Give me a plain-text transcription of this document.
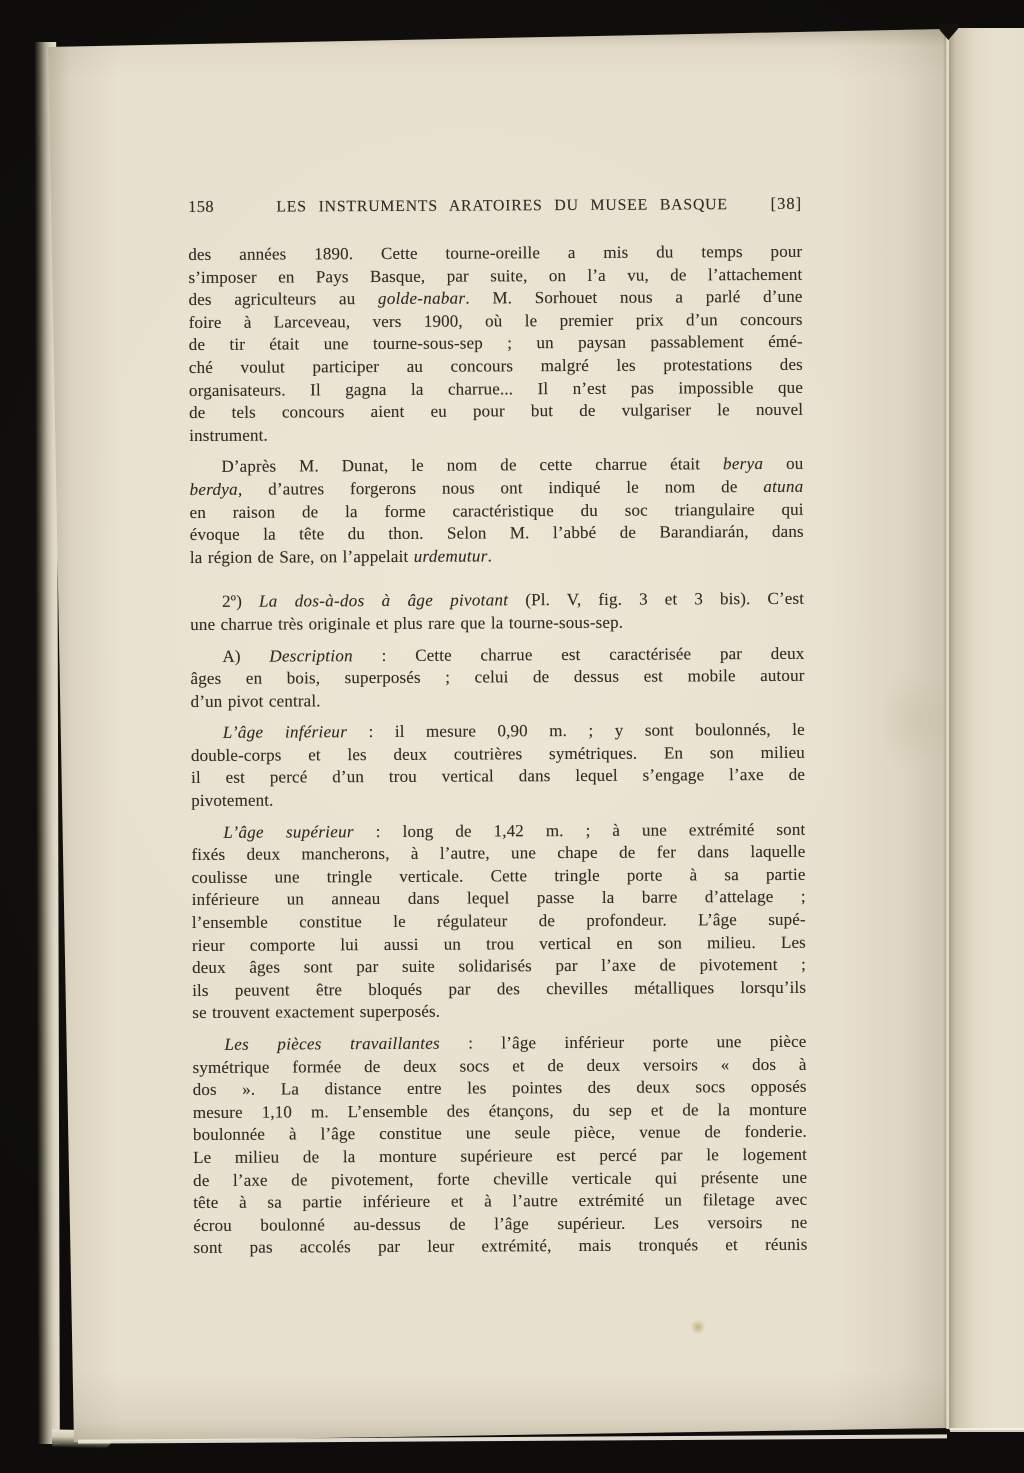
158	LES INSTRUMENTS ARATOIRES DU MUSEE BASQUE	[38]
des années 1890. Cette tourne-oreille a mis du temps pour
s’imposer en Pays Basque, par suite, on l’a vu, de l’attachement
des agriculteurs au golde-nabar. M. Sorhouet nous a parlé d’une
foire à Larceveau, vers 1900, où le premier prix d’un concours
de tir était une tourne-sous-sep ; un paysan passablement émé-
ché voulut participer au concours malgré les protestations des
organisateurs. Il gagna la charrue... Il n’est pas impossible que
de tels concours aient eu pour but de vulgariser le nouvel
instrument.
D’après M. Dunat, le nom de cette charrue était berya ou
berdya, d’autres forgerons nous ont indiqué le nom de atuna
en raison de la forme caractéristique du soc triangulaire qui
évoque la tête du thon. Selon M. l’abbé de Barandiarán, dans
la région de Sare, on l’appelait urdemutur.
2º) La dos-à-dos à âge pivotant (Pl. V, fig. 3 et 3 bis). C’est
une charrue très originale et plus rare que la tourne-sous-sep.
A) Description : Cette charrue est caractérisée par deux
âges en bois, superposés ; celui de dessus est mobile autour
d’un pivot central.
L’âge inférieur : il mesure 0,90 m. ; y sont boulonnés, le
double-corps et les deux coutrières symétriques. En son milieu
il est percé d’un trou vertical dans lequel s’engage l’axe de
pivotement.
L’âge supérieur : long de 1,42 m. ; à une extrémité sont
fixés deux mancherons, à l’autre, une chape de fer dans laquelle
coulisse une tringle verticale. Cette tringle porte à sa partie
inférieure un anneau dans lequel passe la barre d’attelage ;
l’ensemble constitue le régulateur de profondeur. L’âge supé-
rieur comporte lui aussi un trou vertical en son milieu. Les
deux âges sont par suite solidarisés par l’axe de pivotement ;
ils peuvent être bloqués par des chevilles métalliques lorsqu’ils
se trouvent exactement superposés.
Les pièces travaillantes : l’âge inférieur porte une pièce
symétrique formée de deux socs et de deux versoirs « dos à
dos ». La distance entre les pointes des deux socs opposés
mesure 1,10 m. L’ensemble des étançons, du sep et de la monture
boulonnée à l’âge constitue une seule pièce, venue de fonderie.
Le milieu de la monture supérieure est percé par le logement
de l’axe de pivotement, forte cheville verticale qui présente une
tête à sa partie inférieure et à l’autre extrémité un filetage avec
écrou boulonné au-dessus de l’âge supérieur. Les versoirs ne
sont pas accolés par leur extrémité, mais tronqués et réunis
